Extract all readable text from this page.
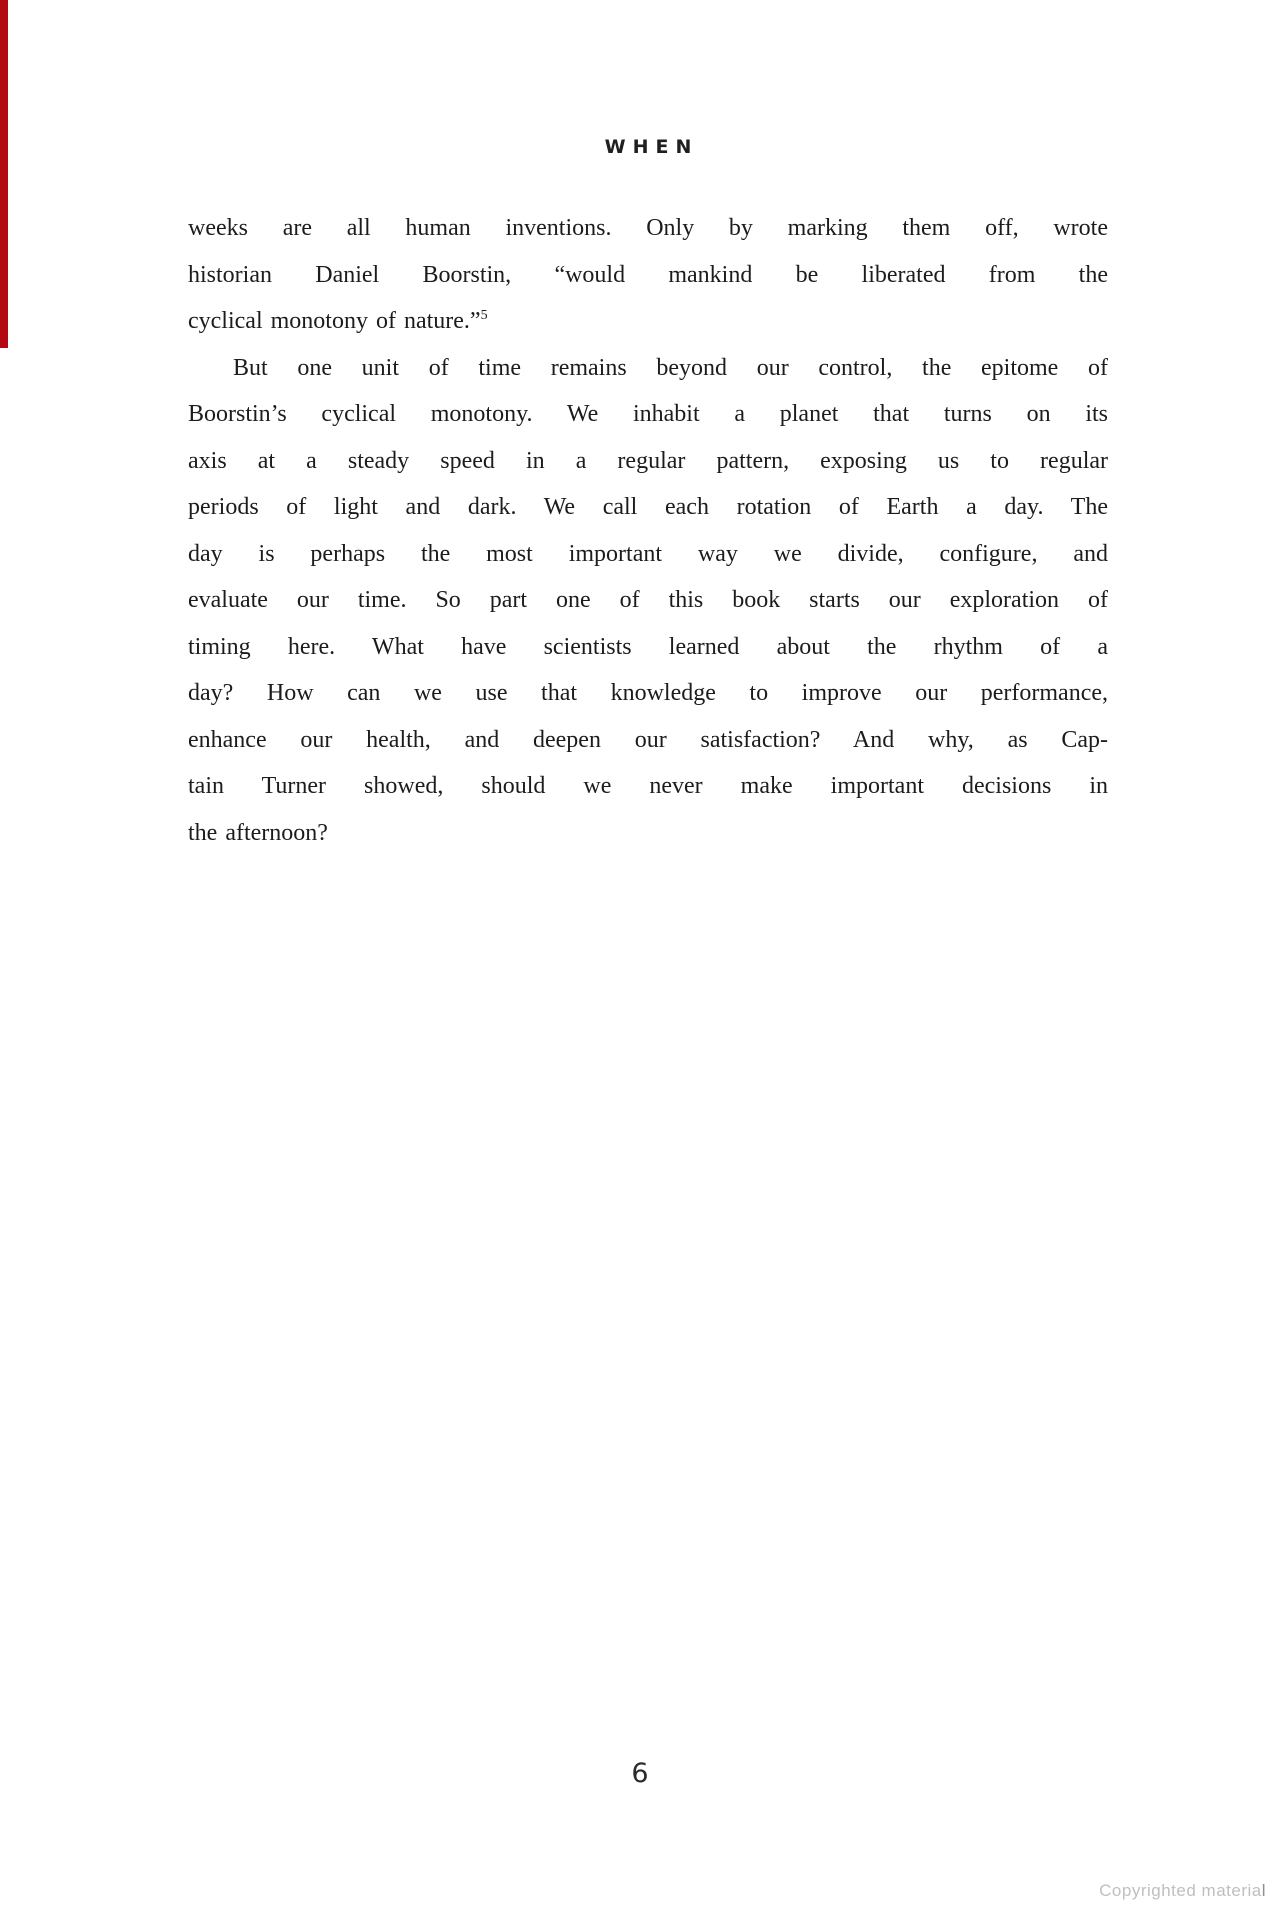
WHEN
weeks are all human inventions. Only by marking them off, wrote
historian Daniel Boorstin, “would mankind be liberated from the
cyclical monotony of nature.”$^5$
But one unit of time remains beyond our control, the epitome of
Boorstin’s cyclical monotony. We inhabit a planet that turns on its
axis at a steady speed in a regular pattern, exposing us to regular
periods of light and dark. We call each rotation of Earth a day. The
day is perhaps the most important way we divide, configure, and
evaluate our time. So part one of this book starts our exploration of
timing here. What have scientists learned about the rhythm of a
day? How can we use that knowledge to improve our performance,
enhance our health, and deepen our satisfaction? And why, as Cap-
tain Turner showed, should we never make important decisions in
the afternoon?
6
Copyrighted material
